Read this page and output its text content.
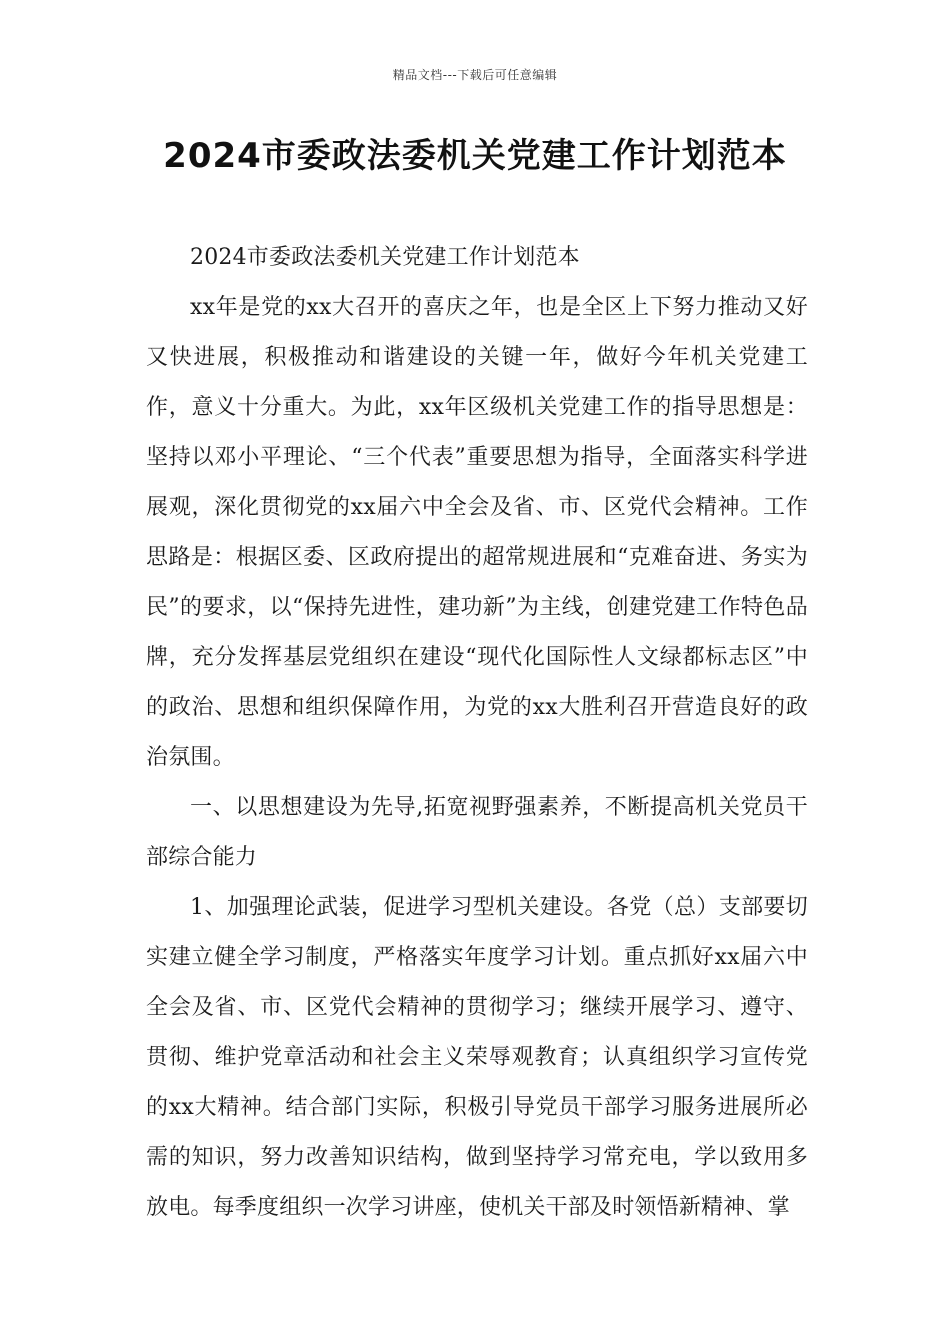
精品文档---下载后可任意编辑
2024市委政法委机关党建工作计划范本

2024市委政法委机关党建工作计划范本

xx年是党的xx大召开的喜庆之年，也是全区上下努力推动又好又快进展，积极推动和谐建设的关键一年，做好今年机关党建工作，意义十分重大。为此，xx年区级机关党建工作的指导思想是：坚持以邓小平理论、“三个代表”重要思想为指导，全面落实科学进展观，深化贯彻党的xx届六中全会及省、市、区党代会精神。工作思路是：根据区委、区政府提出的超常规进展和“克难奋进、务实为民”的要求，以“保持先进性，建功新”为主线，创建党建工作特色品牌，充分发挥基层党组织在建设“现代化国际性人文绿都标志区”中的政治、思想和组织保障作用，为党的xx大胜利召开营造良好的政治氛围。

一、以思想建设为先导,拓宽视野强素养，不断提高机关党员干部综合能力

1、加强理论武装，促进学习型机关建设。各党（总）支部要切实建立健全学习制度，严格落实年度学习计划。重点抓好xx届六中全会及省、市、区党代会精神的贯彻学习；继续开展学习、遵守、贯彻、维护党章活动和社会主义荣辱观教育；认真组织学习宣传党的xx大精神。结合部门实际，积极引导党员干部学习服务进展所必需的知识，努力改善知识结构，做到坚持学习常充电，学以致用多放电。每季度组织一次学习讲座，使机关干部及时领悟新精神、掌
